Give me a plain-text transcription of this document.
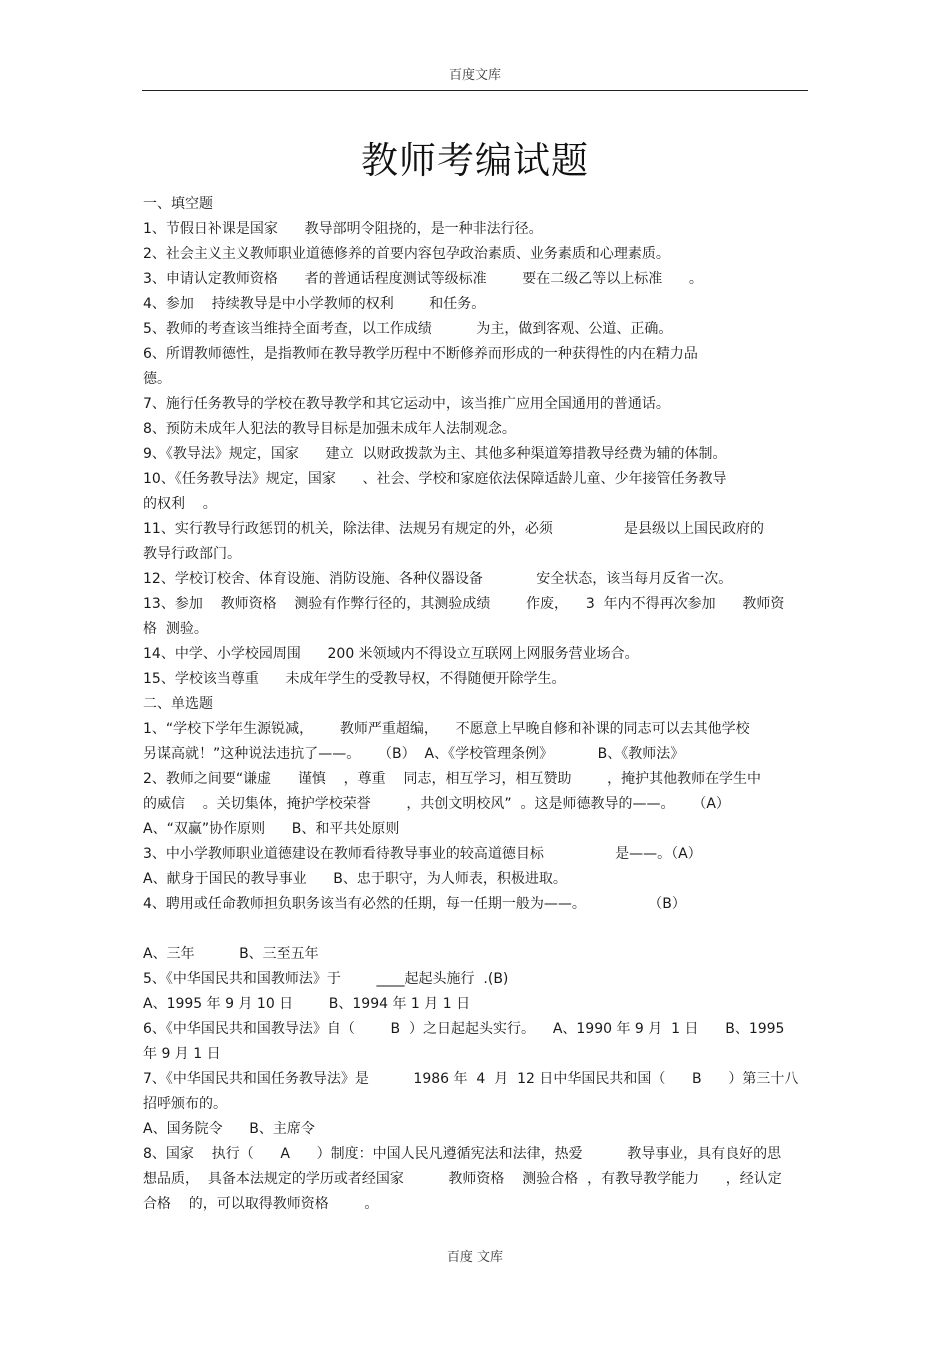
百度文库
教师考编试题
一、填空题
1、节假日补课是国家      教导部明令阻挠的，是一种非法行径。
2、社会主义主义教师职业道德修养的首要内容包孕政治素质、业务素质和心理素质。
3、申请认定教师资格      者的普通话程度测试等级标准        要在二级乙等以上标准      。
4、参加    持续教导是中小学教师的权利        和任务。
5、教师的考查该当维持全面考查，以工作成绩          为主，做到客观、公道、正确。
6、所谓教师德性，是指教师在教导教学历程中不断修养而形成的一种获得性的内在精力品
德。
7、施行任务教导的学校在教导教学和其它运动中，该当推广应用全国通用的普通话。
8、预防未成年人犯法的教导目标是加强未成年人法制观念。
9、《教导法》规定，国家      建立  以财政拨款为主、其他多种渠道筹措教导经费为辅的体制。
10、《任务教导法》规定，国家      、社会、学校和家庭依法保障适龄儿童、少年接管任务教导
的权利    。
11、实行教导行政惩罚的机关，除法律、法规另有规定的外，必须                是县级以上国民政府的
教导行政部门。
12、学校订校舍、体育设施、消防设施、各种仪器设备            安全状态，该当每月反省一次。
13、参加    教师资格    测验有作弊行径的，其测验成绩        作废，    3  年内不得再次参加      教师资
格  测验。
14、中学、小学校园周围      200 米领域内不得设立互联网上网服务营业场合。
15、学校该当尊重      未成年学生的受教导权，不得随便开除学生。
二、单选题
1、“学校下学年生源锐减，      教师严重超编，    不愿意上早晚自修和补课的同志可以去其他学校
另谋高就！”这种说法违抗了——。    （B）  A、《学校管理条例》          B、《教师法》
2、教师之间要“谦虚      谨慎    ，尊重    同志，相互学习，相互赞助        ，掩护其他教师在学生中
的威信    。关切集体，掩护学校荣誉        ，共创文明校风”  。这是师德教导的——。    （A）
A、“双赢”协作原则      B、和平共处原则
3、中小学教师职业道德建设在教师看待教导事业的较高道德目标                是——。（A）
A、献身于国民的教导事业      B、忠于职守，为人师表，积极进取。
4、聘用或任命教师担负职务该当有必然的任期，每一任期一般为——。              （B）
A、三年          B、三至五年
5、《中华国民共和国教师法》于        ____起起头施行  .(B)
A、1995 年 9 月 10 日        B、1994 年 1 月 1 日
6、《中华国民共和国教导法》自（        B  ）之日起起头实行。    A、1990 年 9 月  1 日      B、1995
年 9 月 1 日
7、《中华国民共和国任务教导法》是          1986 年  4  月  12 日中华国民共和国（      B      ）第三十八
招呼颁布的。
A、国务院令      B、主席令
8、国家    执行（      A      ）制度：中国人民凡遵循宪法和法律，热爱          教导事业，具有良好的思
想品质，  具备本法规定的学历或者经国家          教师资格    测验合格  ，有教导教学能力      ，经认定
合格    的，可以取得教师资格        。
百度 文库
